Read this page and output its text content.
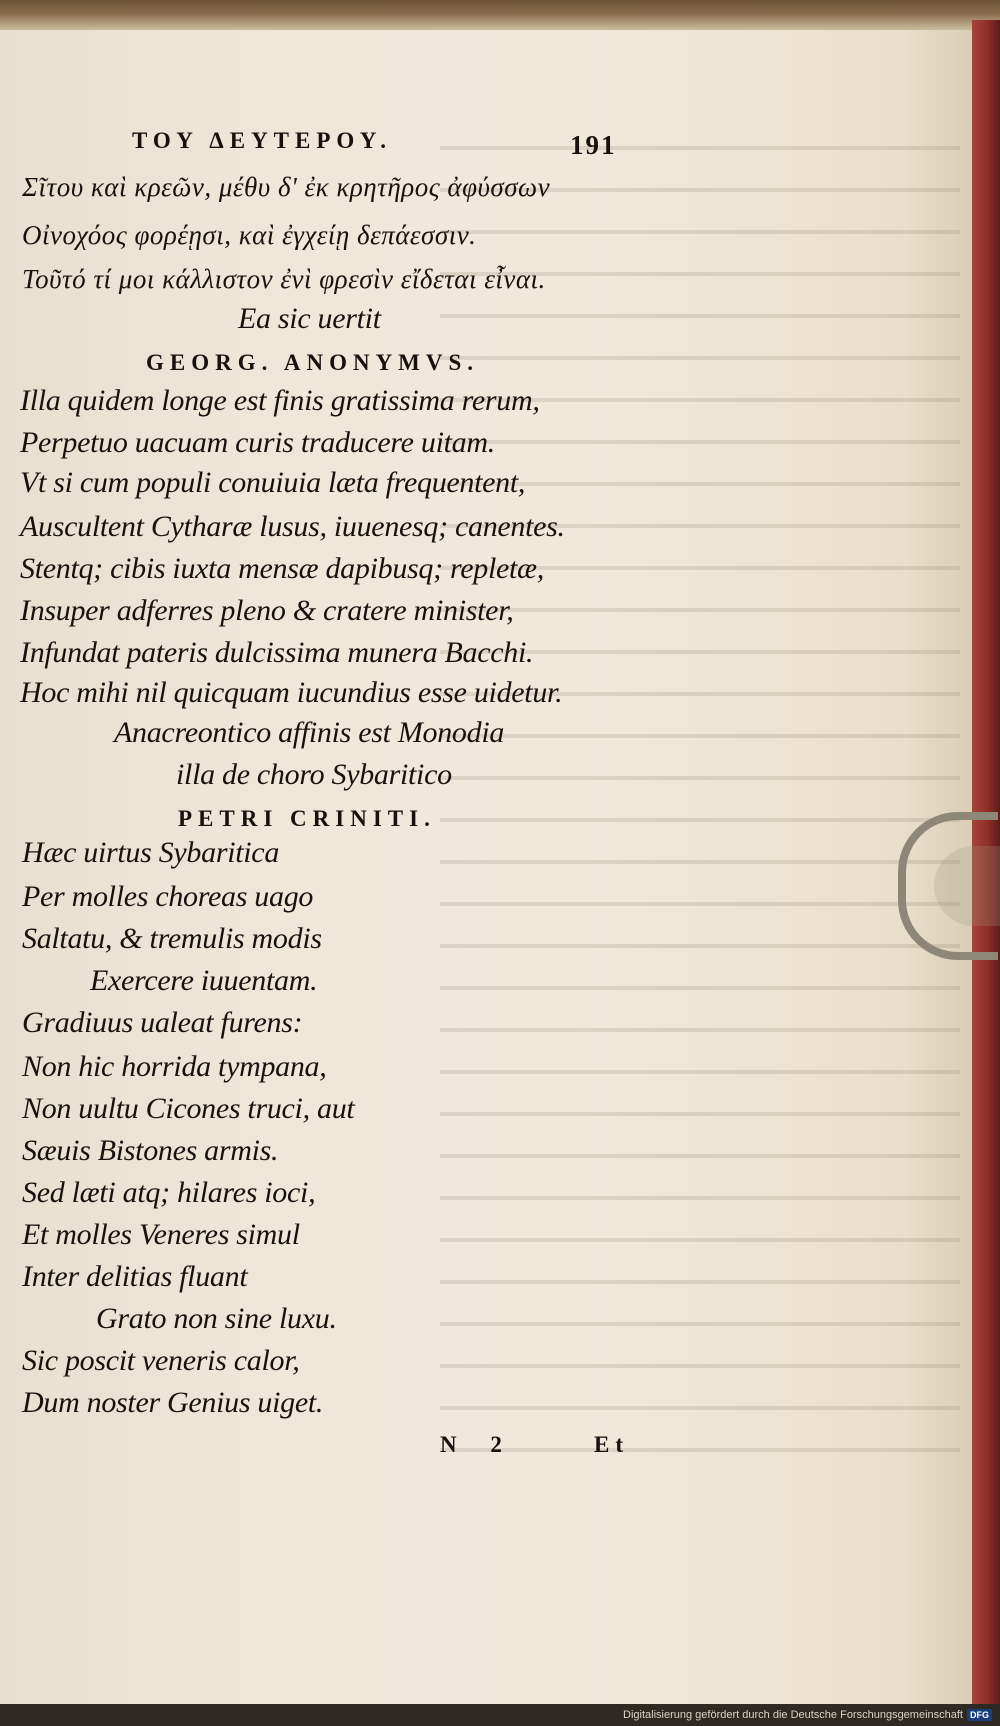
ΤΟΥ ΔΕΥΤΕΡΟΥ.	191
Σῖτου καὶ κρεῶν, μέθυ δ' ἐκ κρητῆρος ἀφύσσων
Οἰνοχόος φορέῃσι, καὶ ἐγχείῃ δεπάεσσιν.
Τοῦτό τί μοι κάλλιστον ἐνὶ φρεσὶν εἴδεται εἶναι.
Ea sic uertit
GEORG. ANONYMVS.
Illa quidem longe est finis gratissima rerum,
Perpetuo uacuam curis traducere uitam.
Vt si cum populi conuiuia læta frequentent,
Auscultent Cytharæ lusus, iuuenesq; canentes.
Stentq; cibis iuxta mensæ dapibusq; repletæ,
Insuper adferres pleno & cratere minister,
Infundat pateris dulcissima munera Bacchi.
Hoc mihi nil quicquam iucundius esse uidetur.
Anacreontico affinis est Monodia
illa de choro Sybaritico
PETRI CRINITI.
Hæc uirtus Sybaritica
Per molles choreas uago
Saltatu, & tremulis modis
Exercere iuuentam.
Gradiuus ualeat furens:
Non hic horrida tympana,
Non uultu Cicones truci, aut
Sæuis Bistones armis.
Sed læti atq; hilares ioci,
Et molles Veneres simul
Inter delitias fluant
Grato non sine luxu.
Sic poscit veneris calor,
Dum noster Genius uiget.
N 2	Et
Digitalisierung gefördert durch die Deutsche Forschungsgemeinschaft DFG
